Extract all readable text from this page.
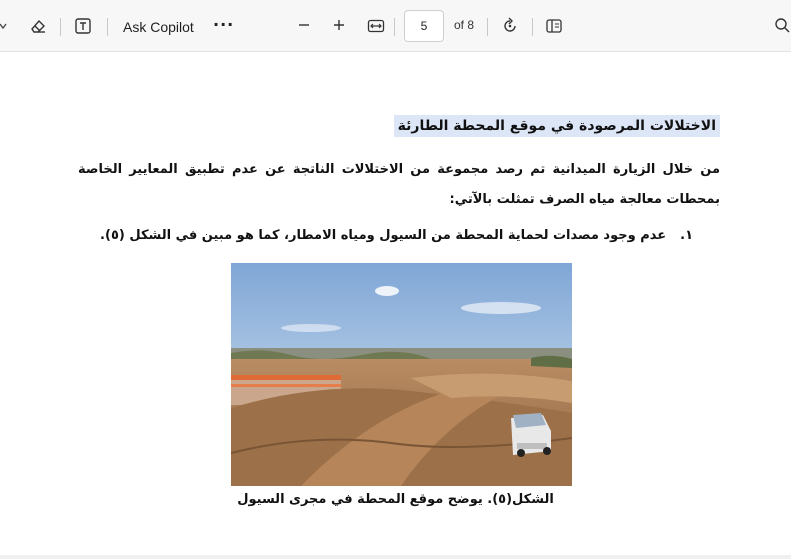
Ask Copilot ···	5	of 8
الاختلالات المرصودة في موقع المحطة الطارئة
من خلال الزيارة الميدانية تم رصد مجموعة من الاختلالات الناتجة عن عدم تطبيق المعايير الخاصة بمحطات معالجة مياه الصرف تمثلت بالآتي:
١.عدم وجود مصدات لحماية المحطة من السيول ومياه الامطار، كما هو مبين في الشكل (٥).
الشكل(٥). يوضح موقع المحطة في مجرى السيول
